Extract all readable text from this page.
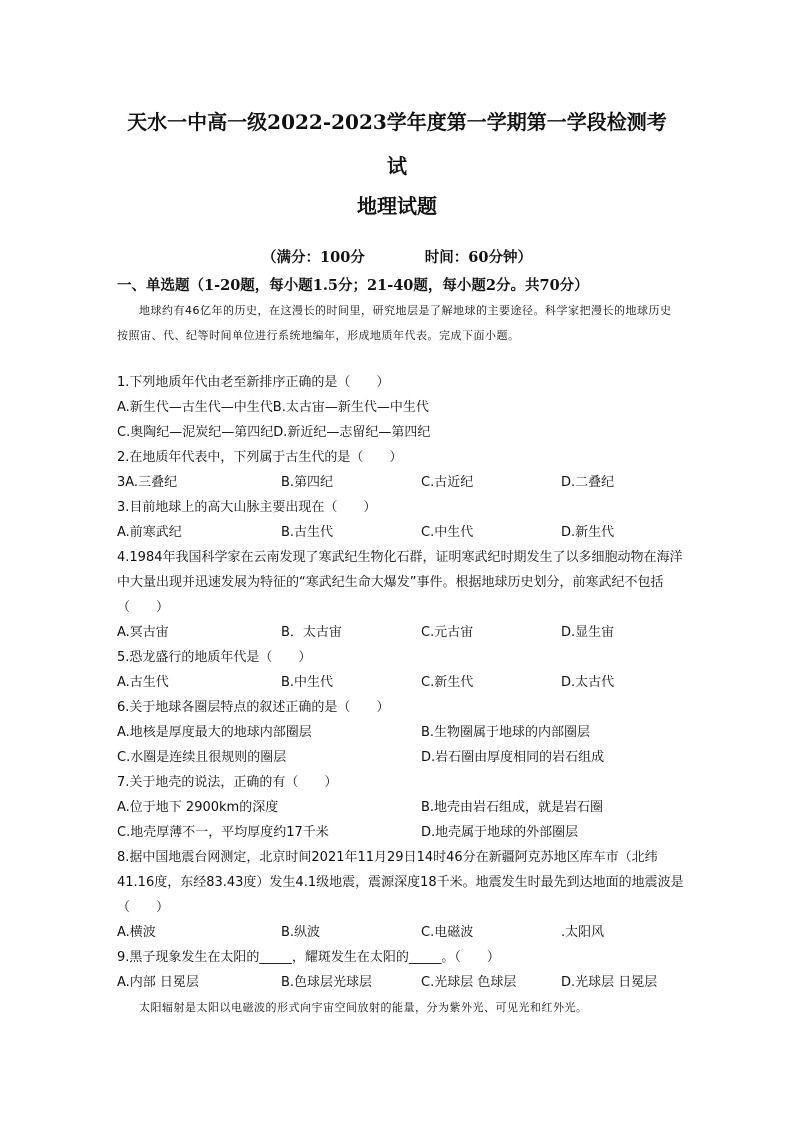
天水一中高一级2022-2023学年度第一学期第一学段检测考
试
地理试题
（满分：100分	时间：60分钟）
一、单选题（1-20题，每小题1.5分；21-40题，每小题2分。共70分）
地球约有46亿年的历史，在这漫长的时间里，研究地层是了解地球的主要途径。科学家把漫长的地球历史按照宙、代、纪等时间单位进行系统地编年，形成地质年代表。完成下面小题。
1.下列地质年代由老至新排序正确的是（　　）
A.新生代—古生代—中生代B.太古宙—新生代—中生代
C.奥陶纪—泥炭纪—第四纪D.新近纪—志留纪—第四纪
2.在地质年代表中，下列属于古生代的是（　　）
3A.三叠纪	B.第四纪	C.古近纪	D.二叠纪
3.目前地球上的高大山脉主要出现在（　　）
A.前寒武纪	B.古生代	C.中生代	D.新生代
4.1984年我国科学家在云南发现了寒武纪生物化石群，证明寒武纪时期发生了以多细胞动物在海洋中大量出现并迅速发展为特征的“寒武纪生命大爆发”事件。根据地球历史划分，前寒武纪不包括（　　）
A.冥古宙	B．太古宙	C.元古宙	D.显生宙
5.恐龙盛行的地质年代是（　　）
A.古生代	B.中生代	C.新生代	D.太古代
6.关于地球各圈层特点的叙述正确的是（　　）
A.地核是厚度最大的地球内部圈层	B.生物圈属于地球的内部圈层
C.水圈是连续且很规则的圈层	D.岩石圈由厚度相同的岩石组成
7.关于地壳的说法，正确的有（　　）
A.位于地下 2900km的深度	B.地壳由岩石组成，就是岩石圈
C.地壳厚薄不一，平均厚度约17千米	D.地壳属于地球的外部圈层
8.据中国地震台网测定，北京时间2021年11月29日14时46分在新疆阿克苏地区库车市（北纬41.16度，东经83.43度）发生4.1级地震，震源深度18千米。地震发生时最先到达地面的地震波是（　　）
A.横波	B.纵波	C.电磁波	.太阳风
9.黑子现象发生在太阳的_____，耀斑发生在太阳的_____。（　　）
A.内部 日冕层	B.色球层光球层	C.光球层 色球层	D.光球层 日冕层
太阳辐射是太阳以电磁波的形式向宇宙空间放射的能量，分为紫外光、可见光和红外光。
